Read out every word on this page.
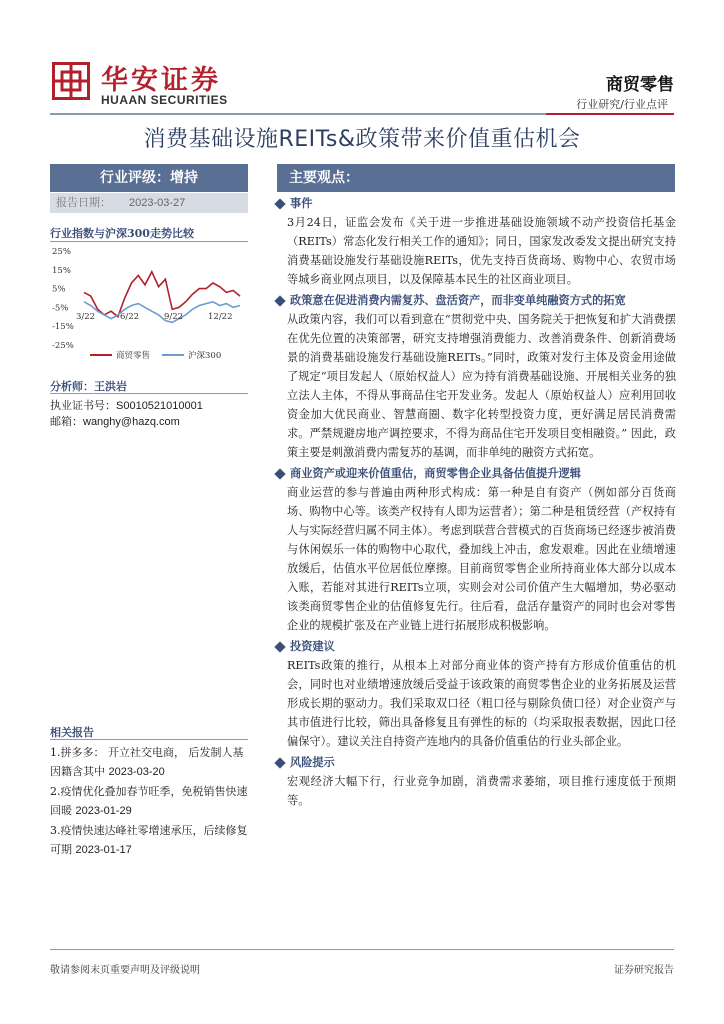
华安证券
HUAAN SECURITIES
商贸零售
行业研究/行业点评
消费基础设施REITs&政策带来价值重估机会
行业评级：增持
报告日期： 2023-03-27
主要观点：
行业指数与沪深300走势比较
25%
15%
5%
-5%
-15%
-25%
3/22	6/22	9/22	12/22
商贸零售	沪深300
分析师：王洪岩
执业证书号：S0010521010001
邮箱：wanghy@hazq.com
相关报告
1.拼多多： 开立社交电商， 后发制人基因籍含其中 2023-03-20
2.疫情优化叠加春节旺季，免税销售快速回暖 2023-01-29
3.疫情快速达峰社零增速承压，后续修复可期 2023-01-17
事件
3月24日，证监会发布《关于进一步推进基础设施领域不动产投资信托基金（REITs）常态化发行相关工作的通知》；同日，国家发改委发文提出研究支持消费基础设施发行基础设施REITs，优先支持百货商场、购物中心、农贸市场等城乡商业网点项目，以及保障基本民生的社区商业项目。
政策意在促进消费内需复苏、盘活资产，而非变单纯融资方式的拓宽
从政策内容，我们可以看到意在“贯彻党中央、国务院关于把恢复和扩大消费摆在优先位置的决策部署，研究支持增强消费能力、改善消费条件、创新消费场景的消费基础设施发行基础设施REITs。”同时，政策对发行主体及资金用途做了规定“项目发起人（原始权益人）应为持有消费基础设施、开展相关业务的独立法人主体，不得从事商品住宅开发业务。发起人（原始权益人）应利用回收资金加大优民商业、智慧商圈、数字化转型投资力度，更好满足居民消费需求。严禁规避房地产调控要求，不得为商品住宅开发项目变相融资。” 因此，政策主要是刺激消费内需复苏的基调，而非单纯的融资方式拓宽。
商业资产或迎来价值重估，商贸零售企业具备估值提升逻辑
商业运营的参与普遍由两种形式构成：第一种是自有资产（例如部分百货商场、购物中心等。该类产权持有人即为运营者）；第二种是租赁经营（产权持有人与实际经营归属不同主体）。考虑到联营合营模式的百货商场已经逐步被消费与休闲娱乐一体的购物中心取代，叠加线上冲击，愈发艰难。因此在业绩增速放缓后，估值水平位居低位摩擦。目前商贸零售企业所持商业体大部分以成本入账，若能对其进行REITs立项，实则会对公司价值产生大幅增加，势必驱动该类商贸零售企业的估值修复先行。往后看，盘活存量资产的同时也会对零售企业的规模扩张及在产业链上进行拓展形成积极影响。
投资建议
REITs政策的推行，从根本上对部分商业体的资产持有方形成价值重估的机会，同时也对业绩增速放缓后受益于该政策的商贸零售企业的业务拓展及运营形成长期的驱动力。我们采取双口径（粗口径与剔除负债口径）对企业资产与其市值进行比较，筛出具备修复且有弹性的标的（均采取报表数据，因此口径偏保守）。建议关注自持资产连地内的具备价值重估的行业头部企业。
风险提示
宏观经济大幅下行，行业竞争加剧，消费需求萎缩，项目推行速度低于预期等。
敬请参阅末页重要声明及评级说明	证券研究报告
